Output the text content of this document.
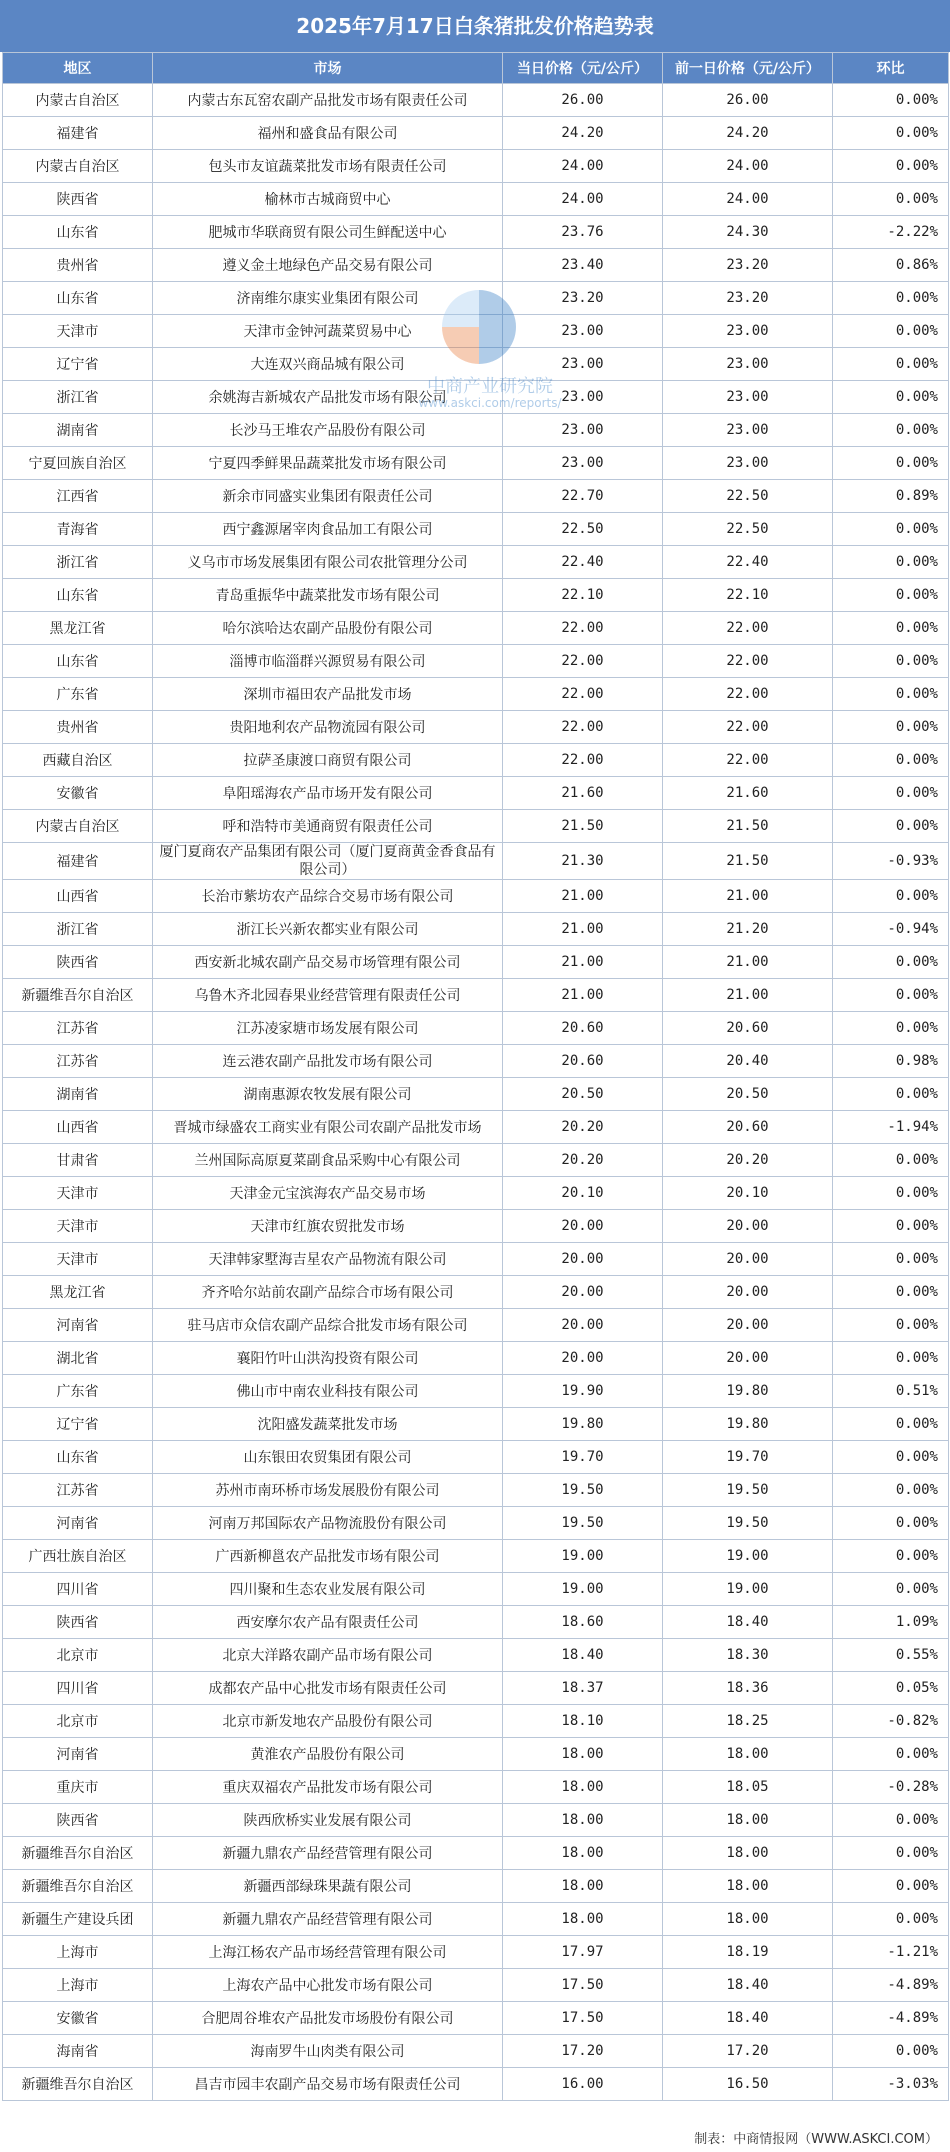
2025年7月17日白条猪批发价格趋势表
地区	市场	当日价格（元/公斤）	前一日价格（元/公斤）	环比
内蒙古自治区	内蒙古东瓦窑农副产品批发市场有限责任公司	26.00	26.00	0.00%
福建省	福州和盛食品有限公司	24.20	24.20	0.00%
内蒙古自治区	包头市友谊蔬菜批发市场有限责任公司	24.00	24.00	0.00%
陕西省	榆林市古城商贸中心	24.00	24.00	0.00%
山东省	肥城市华联商贸有限公司生鲜配送中心	23.76	24.30	-2.22%
贵州省	遵义金土地绿色产品交易有限公司	23.40	23.20	0.86%
山东省	济南维尔康实业集团有限公司	23.20	23.20	0.00%
天津市	天津市金钟河蔬菜贸易中心	23.00	23.00	0.00%
辽宁省	大连双兴商品城有限公司	23.00	23.00	0.00%
浙江省	余姚海吉新城农产品批发市场有限公司	23.00	23.00	0.00%
湖南省	长沙马王堆农产品股份有限公司	23.00	23.00	0.00%
宁夏回族自治区	宁夏四季鲜果品蔬菜批发市场有限公司	23.00	23.00	0.00%
江西省	新余市同盛实业集团有限责任公司	22.70	22.50	0.89%
青海省	西宁鑫源屠宰肉食品加工有限公司	22.50	22.50	0.00%
浙江省	义乌市市场发展集团有限公司农批管理分公司	22.40	22.40	0.00%
山东省	青岛重振华中蔬菜批发市场有限公司	22.10	22.10	0.00%
黑龙江省	哈尔滨哈达农副产品股份有限公司	22.00	22.00	0.00%
山东省	淄博市临淄群兴源贸易有限公司	22.00	22.00	0.00%
广东省	深圳市福田农产品批发市场	22.00	22.00	0.00%
贵州省	贵阳地利农产品物流园有限公司	22.00	22.00	0.00%
西藏自治区	拉萨圣康渡口商贸有限公司	22.00	22.00	0.00%
安徽省	阜阳瑶海农产品市场开发有限公司	21.60	21.60	0.00%
内蒙古自治区	呼和浩特市美通商贸有限责任公司	21.50	21.50	0.00%
福建省	厦门夏商农产品集团有限公司（厦门夏商黄金香食品有限公司）	21.30	21.50	-0.93%
山西省	长治市紫坊农产品综合交易市场有限公司	21.00	21.00	0.00%
浙江省	浙江长兴新农都实业有限公司	21.00	21.20	-0.94%
陕西省	西安新北城农副产品交易市场管理有限公司	21.00	21.00	0.00%
新疆维吾尔自治区	乌鲁木齐北园春果业经营管理有限责任公司	21.00	21.00	0.00%
江苏省	江苏凌家塘市场发展有限公司	20.60	20.60	0.00%
江苏省	连云港农副产品批发市场有限公司	20.60	20.40	0.98%
湖南省	湖南惠源农牧发展有限公司	20.50	20.50	0.00%
山西省	晋城市绿盛农工商实业有限公司农副产品批发市场	20.20	20.60	-1.94%
甘肃省	兰州国际高原夏菜副食品采购中心有限公司	20.20	20.20	0.00%
天津市	天津金元宝滨海农产品交易市场	20.10	20.10	0.00%
天津市	天津市红旗农贸批发市场	20.00	20.00	0.00%
天津市	天津韩家墅海吉星农产品物流有限公司	20.00	20.00	0.00%
黑龙江省	齐齐哈尔站前农副产品综合市场有限公司	20.00	20.00	0.00%
河南省	驻马店市众信农副产品综合批发市场有限公司	20.00	20.00	0.00%
湖北省	襄阳竹叶山洪沟投资有限公司	20.00	20.00	0.00%
广东省	佛山市中南农业科技有限公司	19.90	19.80	0.51%
辽宁省	沈阳盛发蔬菜批发市场	19.80	19.80	0.00%
山东省	山东银田农贸集团有限公司	19.70	19.70	0.00%
江苏省	苏州市南环桥市场发展股份有限公司	19.50	19.50	0.00%
河南省	河南万邦国际农产品物流股份有限公司	19.50	19.50	0.00%
广西壮族自治区	广西新柳邕农产品批发市场有限公司	19.00	19.00	0.00%
四川省	四川聚和生态农业发展有限公司	19.00	19.00	0.00%
陕西省	西安摩尔农产品有限责任公司	18.60	18.40	1.09%
北京市	北京大洋路农副产品市场有限公司	18.40	18.30	0.55%
四川省	成都农产品中心批发市场有限责任公司	18.37	18.36	0.05%
北京市	北京市新发地农产品股份有限公司	18.10	18.25	-0.82%
河南省	黄淮农产品股份有限公司	18.00	18.00	0.00%
重庆市	重庆双福农产品批发市场有限公司	18.00	18.05	-0.28%
陕西省	陕西欣桥实业发展有限公司	18.00	18.00	0.00%
新疆维吾尔自治区	新疆九鼎农产品经营管理有限公司	18.00	18.00	0.00%
新疆维吾尔自治区	新疆西部绿珠果蔬有限公司	18.00	18.00	0.00%
新疆生产建设兵团	新疆九鼎农产品经营管理有限公司	18.00	18.00	0.00%
上海市	上海江杨农产品市场经营管理有限公司	17.97	18.19	-1.21%
上海市	上海农产品中心批发市场有限公司	17.50	18.40	-4.89%
安徽省	合肥周谷堆农产品批发市场股份有限公司	17.50	18.40	-4.89%
海南省	海南罗牛山肉类有限公司	17.20	17.20	0.00%
新疆维吾尔自治区	昌吉市园丰农副产品交易市场有限责任公司	16.00	16.50	-3.03%
中商产业研究院
www.askci.com/reports/
制表：中商情报网（WWW.ASKCI.COM）
